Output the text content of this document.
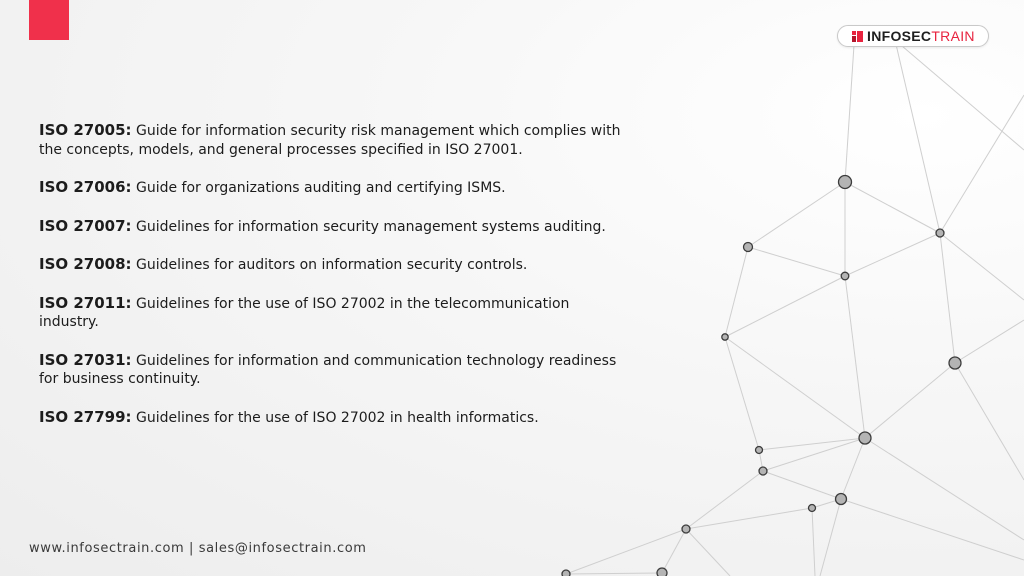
INFOSECTRAIN

ISO 27005: Guide for information security risk management which complies with the concepts, models, and general processes specified in ISO 27001.

ISO 27006: Guide for organizations auditing and certifying ISMS.

ISO 27007: Guidelines for information security management systems auditing.

ISO 27008: Guidelines for auditors on information security controls.

ISO 27011: Guidelines for the use of ISO 27002 in the telecommunication industry.

ISO 27031: Guidelines for information and communication technology readiness for business continuity.

ISO 27799: Guidelines for the use of ISO 27002 in health informatics.

www.infosectrain.com | sales@infosectrain.com
